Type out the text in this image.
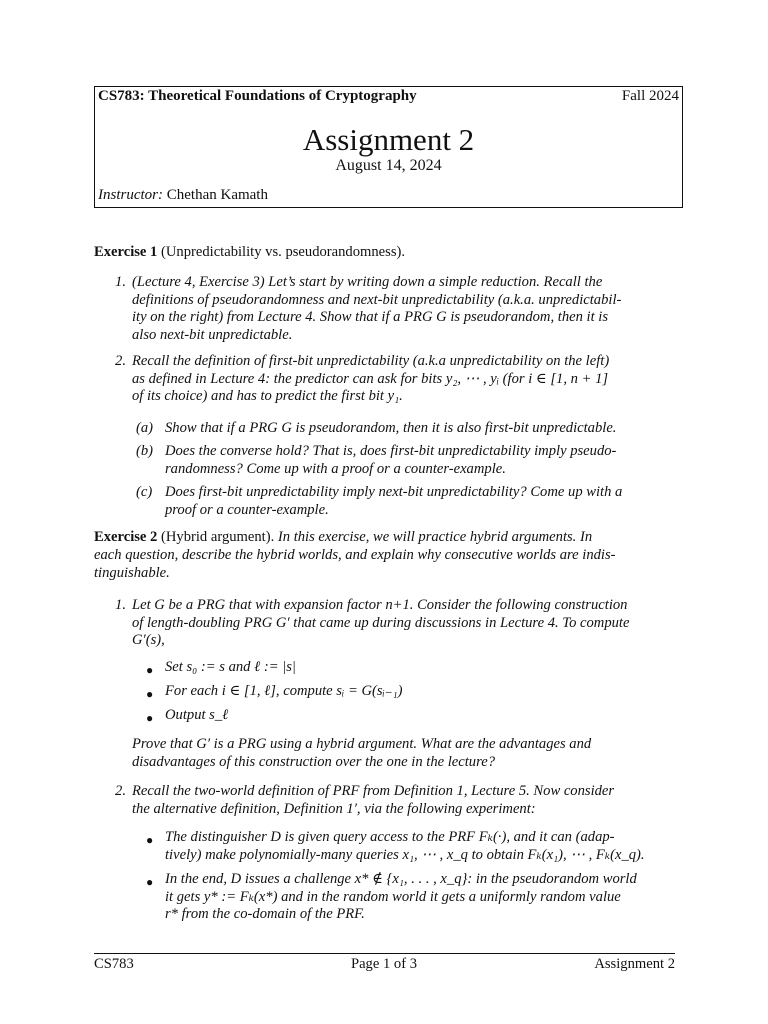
CS783: Theoretical Foundations of Cryptography	Fall 2024
Assignment 2
August 14, 2024
Instructor: Chethan Kamath
Exercise 1 (Unpredictability vs. pseudorandomness).
1. (Lecture 4, Exercise 3) Let’s start by writing down a simple reduction. Recall the
definitions of pseudorandomness and next-bit unpredictability (a.k.a. unpredictabil-
ity on the right) from Lecture 4. Show that if a PRG G is pseudorandom, then it is
also next-bit unpredictable.
2. Recall the definition of first-bit unpredictability (a.k.a unpredictability on the left)
as defined in Lecture 4: the predictor can ask for bits y₂, ⋯ , yᵢ (for i ∈ [1, n + 1]
of its choice) and has to predict the first bit y₁.
(a) Show that if a PRG G is pseudorandom, then it is also first-bit unpredictable.
(b) Does the converse hold? That is, does first-bit unpredictability imply pseudo-
randomness? Come up with a proof or a counter-example.
(c) Does first-bit unpredictability imply next-bit unpredictability? Come up with a
proof or a counter-example.
Exercise 2 (Hybrid argument). In this exercise, we will practice hybrid arguments. In
each question, describe the hybrid worlds, and explain why consecutive worlds are indis-
tinguishable.
1. Let G be a PRG that with expansion factor n+1. Consider the following construction
of length-doubling PRG G′ that came up during discussions in Lecture 4. To compute
G′(s),
● Set s₀ := s and ℓ := |s|
● For each i ∈ [1, ℓ], compute sᵢ = G(sᵢ₋₁)
● Output s_ℓ
Prove that G′ is a PRG using a hybrid argument. What are the advantages and
disadvantages of this construction over the one in the lecture?
2. Recall the two-world definition of PRF from Definition 1, Lecture 5. Now consider
the alternative definition, Definition 1′, via the following experiment:
● The distinguisher D is given query access to the PRF Fₖ(·), and it can (adap-
tively) make polynomially-many queries x₁, ⋯ , x_q to obtain Fₖ(x₁), ⋯ , Fₖ(x_q).
● In the end, D issues a challenge x* ∉ {x₁, . . . , x_q}: in the pseudorandom world
it gets y* := Fₖ(x*) and in the random world it gets a uniformly random value
r* from the co-domain of the PRF.
CS783	Page 1 of 3	Assignment 2
